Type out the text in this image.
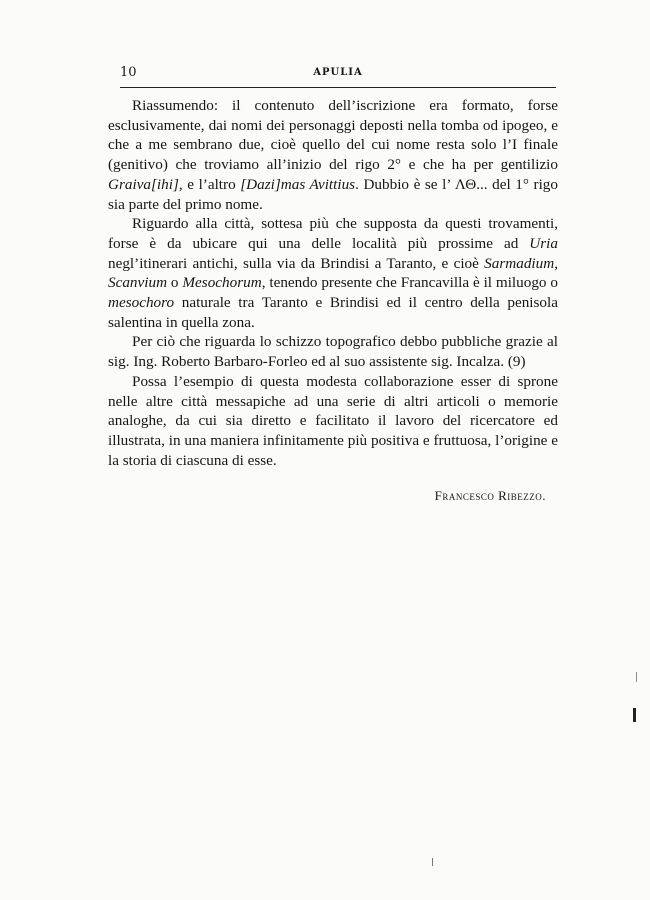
10	APULIA

Riassumendo: il contenuto dell’iscrizione era formato, forse esclusivamente, dai nomi dei personaggi deposti nella tomba od ipogeo, e che a me sembrano due, cioè quello del cui nome resta solo l’I finale (genitivo) che troviamo all’inizio del rigo 2° e che ha per gentilizio Graiva[ihi], e l’altro [Dazi]mas Avittius. Dubbio è se l’ ΛΘ... del 1° rigo sia parte del primo nome.

Riguardo alla città, sottesa più che supposta da questi trovamenti, forse è da ubicare qui una delle località più prossime ad Uria negl’itinerari antichi, sulla via da Brindisi a Taranto, e cioè Sarmadium, Scanvium o Mesochorum, tenendo presente che Francavilla è il miluogo o mesochoro naturale tra Taranto e Brindisi ed il centro della penisola salentina in quella zona.

Per ciò che riguarda lo schizzo topografico debbo pubbliche grazie al sig. Ing. Roberto Barbaro-Forleo ed al suo assistente sig. Incalza. (9)

Possa l’esempio di questa modesta collaborazione esser di sprone nelle altre città messapiche ad una serie di altri articoli o memorie analoghe, da cui sia diretto e facilitato il lavoro del ricercatore ed illustrata, in una maniera infinitamente più positiva e fruttuosa, l’origine e la storia di ciascuna di esse.

Francesco Ribezzo.
